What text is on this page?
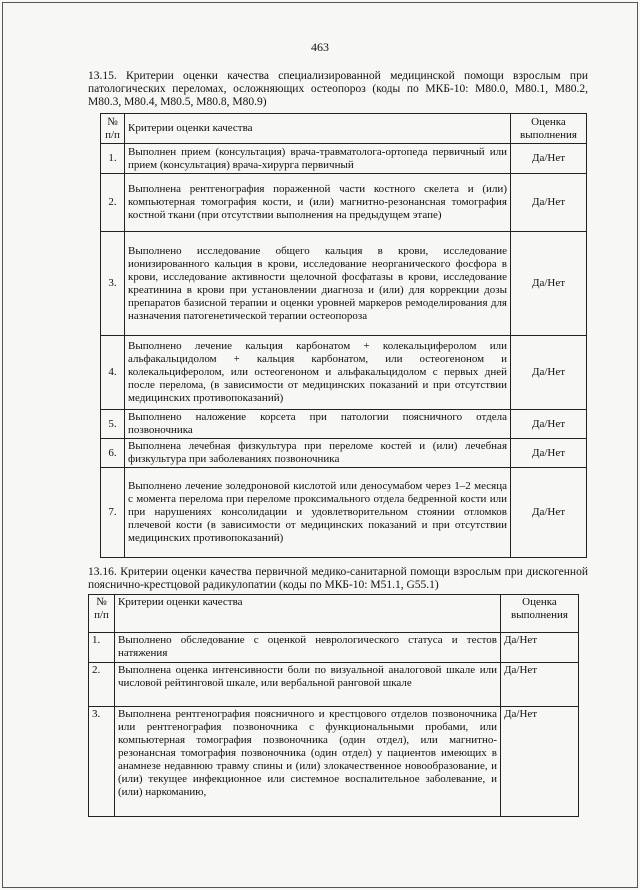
463
13.15. Критерии оценки качества специализированной медицинской помощи взрослым при патологических переломах, осложняющих остеопороз (коды по МКБ-10: M80.0, M80.1, M80.2, M80.3, M80.4, M80.5, M80.8, M80.9)
№ п/п	Критерии оценки качества	Оценка выполнения
1.	Выполнен прием (консультация) врача-травматолога-ортопеда первичный или прием (консультация) врача-хирурга первичный	Да/Нет
2.	Выполнена рентгенография пораженной части костного скелета и (или) компьютерная томография кости, и (или) магнитно-резонансная томография костной ткани (при отсутствии выполнения на предыдущем этапе)	Да/Нет
3.	Выполнено исследование общего кальция в крови, исследование ионизированного кальция в крови, исследование неорганического фосфора в крови, исследование активности щелочной фосфатазы в крови, исследование креатинина в крови при установлении диагноза и (или) для коррекции дозы препаратов базисной терапии и оценки уровней маркеров ремоделирования для назначения патогенетической терапии остеопороза	Да/Нет
4.	Выполнено лечение кальция карбонатом + колекальциферолом или альфакальцидолом + кальция карбонатом, или остеогеноном и колекальциферолом, или остеогеноном и альфакальцидолом с первых дней после перелома, (в зависимости от медицинских показаний и при отсутствии медицинских противопоказаний)	Да/Нет
5.	Выполнено наложение корсета при патологии поясничного отдела позвоночника	Да/Нет
6.	Выполнена лечебная физкультура при переломе костей и (или) лечебная физкультура при заболеваниях позвоночника	Да/Нет
7.	Выполнено лечение золедроновой кислотой или деносумабом через 1–2 месяца с момента перелома при переломе проксимального отдела бедренной кости или при нарушениях консолидации и удовлетворительном стоянии отломков плечевой кости (в зависимости от медицинских показаний и при отсутствии медицинских противопоказаний)	Да/Нет
13.16. Критерии оценки качества первичной медико-санитарной помощи взрослым при дискогенной пояснично-крестцовой радикулопатии (коды по МКБ-10: M51.1, G55.1)
№ п/п	Критерии оценки качества	Оценка выполнения
1.	Выполнено обследование с оценкой неврологического статуса и тестов натяжения	Да/Нет
2.	Выполнена оценка интенсивности боли по визуальной аналоговой шкале или числовой рейтинговой шкале, или вербальной ранговой шкале	Да/Нет
3.	Выполнена рентгенография поясничного и крестцового отделов позвоночника или рентгенография позвоночника с функциональными пробами, или компьютерная томография позвоночника (один отдел), или магнитно-резонансная томография позвоночника (один отдел) у пациентов имеющих в анамнезе недавнюю травму спины и (или) злокачественное новообразование, и (или) текущее инфекционное или системное воспалительное заболевание, и (или) наркоманию,	Да/Нет
